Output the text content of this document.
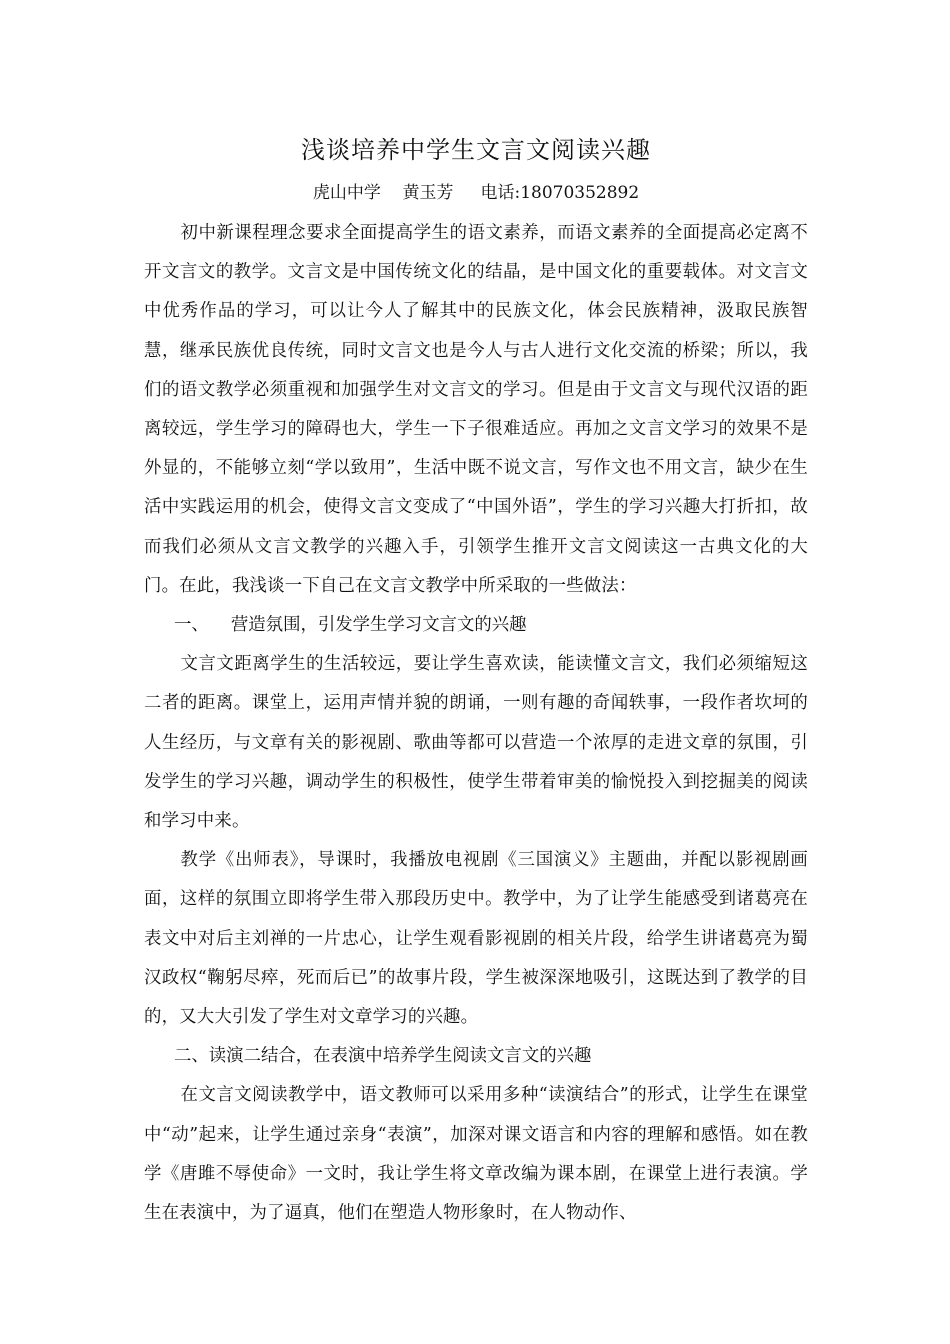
浅谈培养中学生文言文阅读兴趣

虎山中学    黄玉芳     电话:18070352892

初中新课程理念要求全面提高学生的语文素养，而语文素养的全面提高必定离不开文言文的教学。文言文是中国传统文化的结晶，是中国文化的重要载体。对文言文中优秀作品的学习，可以让今人了解其中的民族文化，体会民族精神，汲取民族智慧，继承民族优良传统，同时文言文也是今人与古人进行文化交流的桥梁；所以，我们的语文教学必须重视和加强学生对文言文的学习。但是由于文言文与现代汉语的距离较远，学生学习的障碍也大，学生一下子很难适应。再加之文言文学习的效果不是外显的，不能够立刻“学以致用”，生活中既不说文言，写作文也不用文言，缺少在生活中实践运用的机会，使得文言文变成了“中国外语”，学生的学习兴趣大打折扣，故而我们必须从文言文教学的兴趣入手，引领学生推开文言文阅读这一古典文化的大门。在此，我浅谈一下自己在文言文教学中所采取的一些做法：

一、    营造氛围，引发学生学习文言文的兴趣

文言文距离学生的生活较远，要让学生喜欢读，能读懂文言文，我们必须缩短这二者的距离。课堂上，运用声情并貌的朗诵，一则有趣的奇闻轶事，一段作者坎坷的人生经历，与文章有关的影视剧、歌曲等都可以营造一个浓厚的走进文章的氛围，引发学生的学习兴趣，调动学生的积极性，使学生带着审美的愉悦投入到挖掘美的阅读和学习中来。

教学《出师表》，导课时，我播放电视剧《三国演义》主题曲，并配以影视剧画面，这样的氛围立即将学生带入那段历史中。教学中，为了让学生能感受到诸葛亮在表文中对后主刘禅的一片忠心，让学生观看影视剧的相关片段，给学生讲诸葛亮为蜀汉政权“鞠躬尽瘁，死而后已”的故事片段，学生被深深地吸引，这既达到了教学的目的，又大大引发了学生对文章学习的兴趣。

二、读演二结合，在表演中培养学生阅读文言文的兴趣

在文言文阅读教学中，语文教师可以采用多种“读演结合”的形式，让学生在课堂中“动”起来，让学生通过亲身“表演”，加深对课文语言和内容的理解和感悟。如在教学《唐雎不辱使命》一文时，我让学生将文章改编为课本剧，在课堂上进行表演。学生在表演中，为了逼真，他们在塑造人物形象时，在人物动作、
